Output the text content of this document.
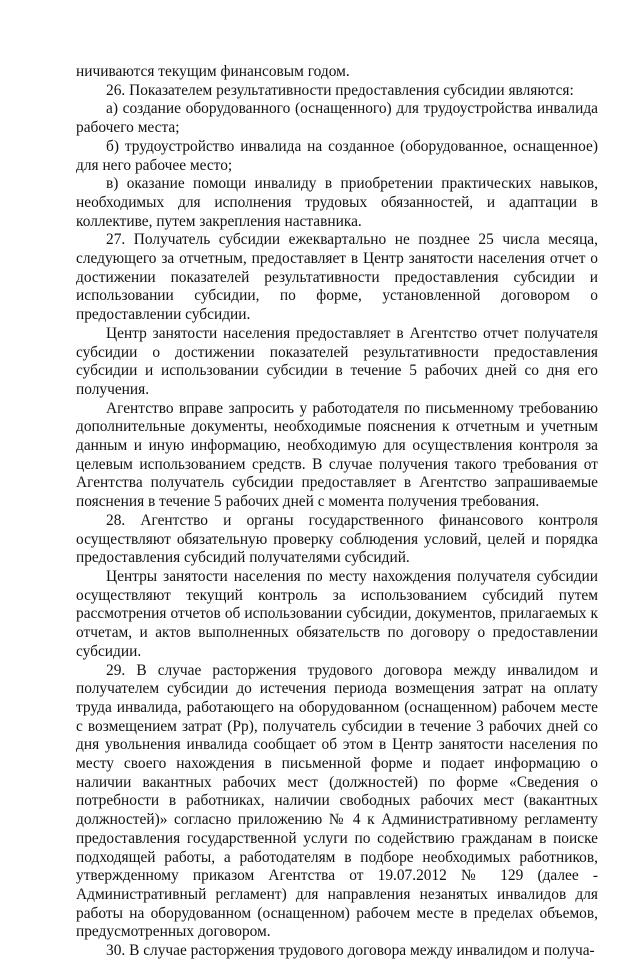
ничиваются текущим финансовым годом.

26. Показателем результативности предоставления субсидии являются:

а) создание оборудованного (оснащенного) для трудоустройства инвалида рабочего места;

б) трудоустройство инвалида на созданное (оборудованное, оснащенное) для него рабочее место;

в) оказание помощи инвалиду в приобретении практических навыков, необходимых для исполнения трудовых обязанностей, и адаптации в коллективе, путем закрепления наставника.

27. Получатель субсидии ежеквартально не позднее 25 числа месяца, следующего за отчетным, предоставляет в Центр занятости населения отчет о достижении показателей результативности предоставления субсидии и использовании субсидии, по форме, установленной договором о предоставлении субсидии.

Центр занятости населения предоставляет в Агентство отчет получателя субсидии о достижении показателей результативности предоставления субсидии и использовании субсидии в течение 5 рабочих дней со дня его получения.

Агентство вправе запросить у работодателя по письменному требованию дополнительные документы, необходимые пояснения к отчетным и учетным данным и иную информацию, необходимую для осуществления контроля за целевым использованием средств. В случае получения такого требования от Агентства получатель субсидии предоставляет в Агентство запрашиваемые пояснения в течение 5 рабочих дней с момента получения требования.

28. Агентство и органы государственного финансового контроля осуществляют обязательную проверку соблюдения условий, целей и порядка предоставления субсидий получателями субсидий.

Центры занятости населения по месту нахождения получателя субсидии осуществляют текущий контроль за использованием субсидий путем рассмотрения отчетов об использовании субсидии, документов, прилагаемых к отчетам, и актов выполненных обязательств по договору о предоставлении субсидии.

29. В случае расторжения трудового договора между инвалидом и получателем субсидии до истечения периода возмещения затрат на оплату труда инвалида, работающего на оборудованном (оснащенном) рабочем месте с возмещением затрат (Рр), получатель субсидии в течение 3 рабочих дней со дня увольнения инвалида сообщает об этом в Центр занятости населения по месту своего нахождения в письменной форме и подает информацию о наличии вакантных рабочих мест (должностей) по форме «Сведения о потребности в работниках, наличии свободных рабочих мест (вакантных должностей)» согласно приложению № 4 к Административному регламенту предоставления государственной услуги по содействию гражданам в поиске подходящей работы, а работодателям в подборе необходимых работников, утвержденному приказом Агентства от 19.07.2012 № 129 (далее - Административный регламент) для направления незанятых инвалидов для работы на оборудованном (оснащенном) рабочем месте в пределах объемов, предусмотренных договором.

30. В случае расторжения трудового договора между инвалидом и получа-
